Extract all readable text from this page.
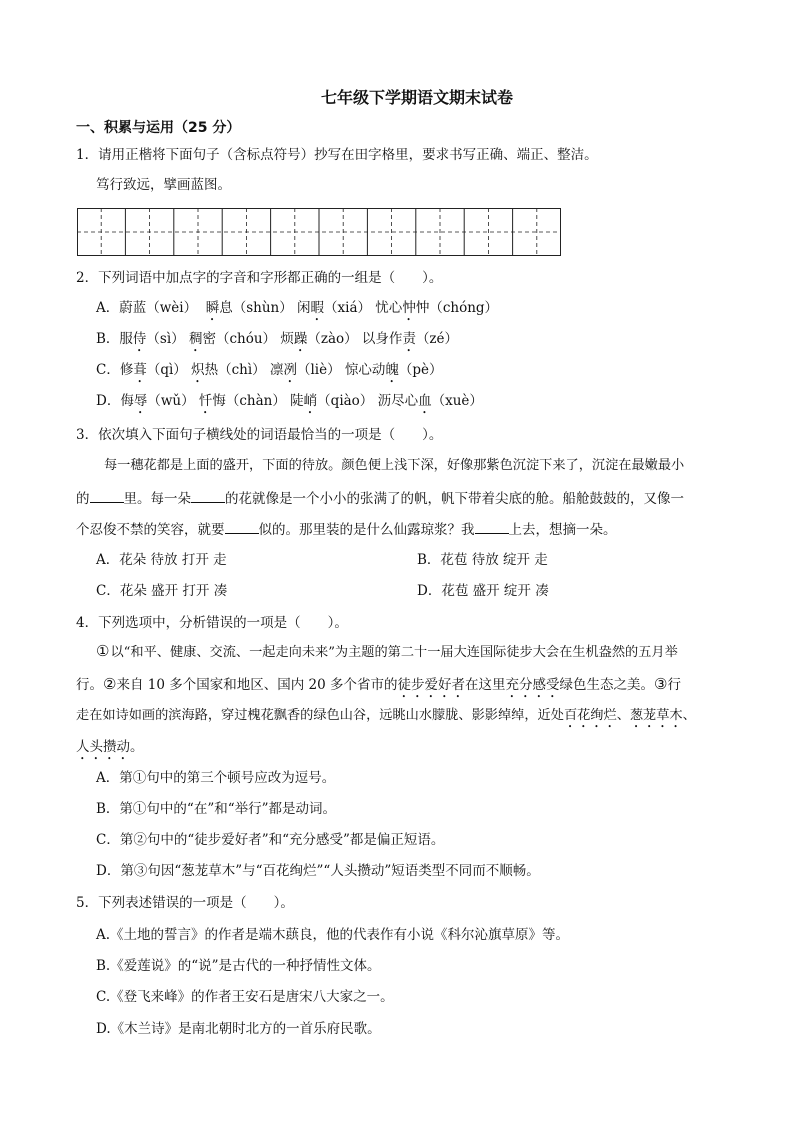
七年级下学期语文期末试卷
一、积累与运用（25 分）
1．请用正楷将下面句子（含标点符号）抄写在田字格里，要求书写正确、端正、整洁。
笃行致远，擘画蓝图。
2．下列词语中加点字的字音和字形都正确的一组是（　　）。
A．蔚蓝（wèi） 瞬息（shùn） 闲暇（xiá） 忧心忡忡（chóng）
B．服侍（sì） 稠密（chóu） 烦躁（zào） 以身作责（zé）
C．修葺（qì） 炽热（chì） 凛冽（liè） 惊心动魄（pè）
D．侮辱（wǔ） 忏悔（chàn） 陡峭（qiào） 沥尽心血（xuè）
3．依次填入下面句子横线处的词语最恰当的一项是（　　）。
每一穗花都是上面的盛开，下面的待放。颜色便上浅下深，好像那紫色沉淀下来了，沉淀在最嫩最小
的	里。每一朵	的花就像是一个小小的张满了的帆，帆下带着尖底的舱。船舱鼓鼓的，又像一
个忍俊不禁的笑容，就要	似的。那里装的是什么仙露琼浆？我	上去，想摘一朵。
A．花朵 待放 打开 走	B．花苞 待放 绽开 走
C．花朵 盛开 打开 凑	D．花苞 盛开 绽开 凑
4．下列选项中，分析错误的一项是（　　）。
①以“和平、健康、交流、一起走向未来”为主题的第二十一届大连国际徒步大会在生机盎然的五月举
行。②来自 10 多个国家和地区、国内 20 多个省市的徒步爱好者在这里充分感受绿色生态之美。③行
走在如诗如画的滨海路，穿过槐花飘香的绿色山谷，远眺山水朦胧、影影绰绰，近处百花绚烂、葱茏草木、
人头攒动。
A．第①句中的第三个顿号应改为逗号。
B．第①句中的“在”和“举行”都是动词。
C．第②句中的“徒步爱好者”和“充分感受”都是偏正短语。
D．第③句因“葱茏草木”与“百花绚烂”“人头攒动”短语类型不同而不顺畅。
5．下列表述错误的一项是（　　）。
A.《土地的誓言》的作者是端木蕻良，他的代表作有小说《科尔沁旗草原》等。
B.《爱莲说》的“说”是古代的一种抒情性文体。
C.《登飞来峰》的作者王安石是唐宋八大家之一。
D.《木兰诗》是南北朝时北方的一首乐府民歌。
